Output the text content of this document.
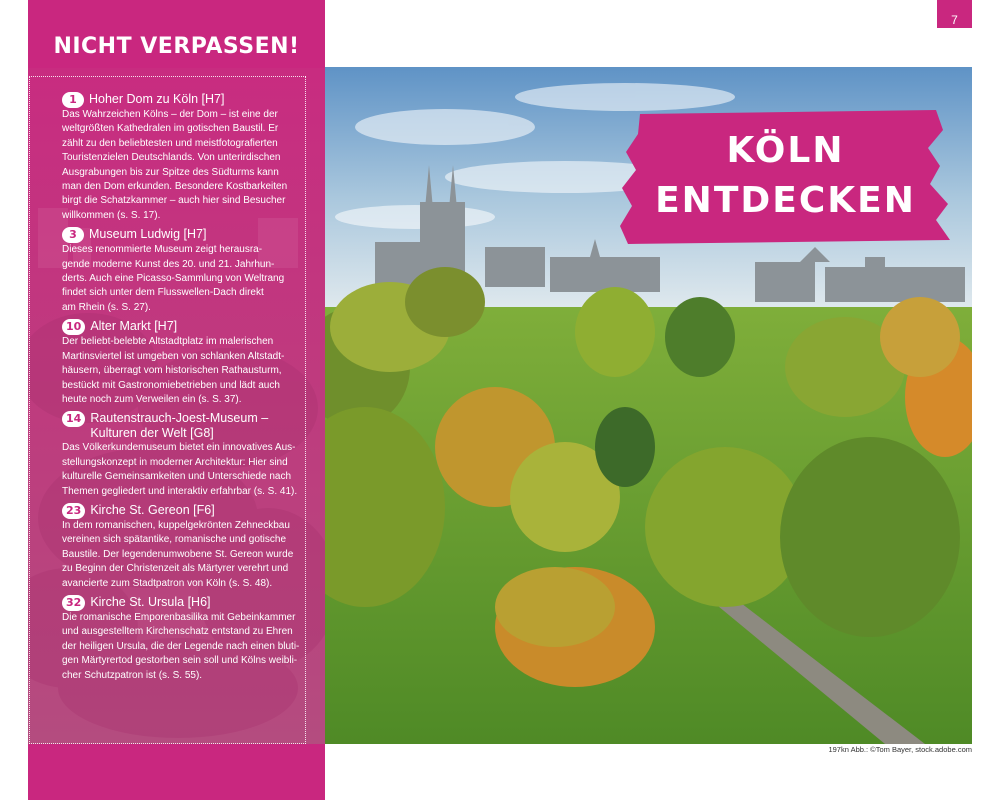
NICHT VERPASSEN!
1 Hoher Dom zu Köln [H7]
Das Wahrzeichen Kölns – der Dom – ist eine der
weltgrößten Kathedralen im gotischen Baustil. Er
zählt zu den beliebtesten und meistfotografierten
Touristenzielen Deutschlands. Von unterirdischen
Ausgrabungen bis zur Spitze des Südturms kann
man den Dom erkunden. Besondere Kostbarkeiten
birgt die Schatzkammer – auch hier sind Besucher
willkommen (s. S. 17).
3 Museum Ludwig [H7]
Dieses renommierte Museum zeigt herausra-
gende moderne Kunst des 20. und 21. Jahrhun-
derts. Auch eine Picasso-Sammlung von Weltrang
findet sich unter dem Flusswellen-Dach direkt
am Rhein (s. S. 27).
10 Alter Markt [H7]
Der beliebt-belebte Altstadtplatz im malerischen
Martinsviertel ist umgeben von schlanken Altstadt-
häusern, überragt vom historischen Rathausturm,
bestückt mit Gastronomiebetrieben und lädt auch
heute noch zum Verweilen ein (s. S. 37).
14 Rautenstrauch-Joest-Museum –
Kulturen der Welt [G8]
Das Völkerkundemuseum bietet ein innovatives Aus-
stellungskonzept in moderner Architektur: Hier sind
kulturelle Gemeinsamkeiten und Unterschiede nach
Themen gegliedert und interaktiv erfahrbar (s. S. 41).
23 Kirche St. Gereon [F6]
In dem romanischen, kuppelgekrönten Zehneckbau
vereinen sich spätantike, romanische und gotische
Baustile. Der legendenumwobene St. Gereon wurde
zu Beginn der Christenzeit als Märtyrer verehrt und
avancierte zum Stadtpatron von Köln (s. S. 48).
32 Kirche St. Ursula [H6]
Die romanische Emporenbasilika mit Gebeinkammer
und ausgestelltem Kirchenschatz entstand zu Ehren
der heiligen Ursula, die der Legende nach einen bluti-
gen Märtyrertod gestorben sein soll und Kölns weibli-
cher Schutzpatron ist (s. S. 55).
7
KÖLN
ENTDECKEN
197kn Abb.: ©Tom Bayer, stock.adobe.com
